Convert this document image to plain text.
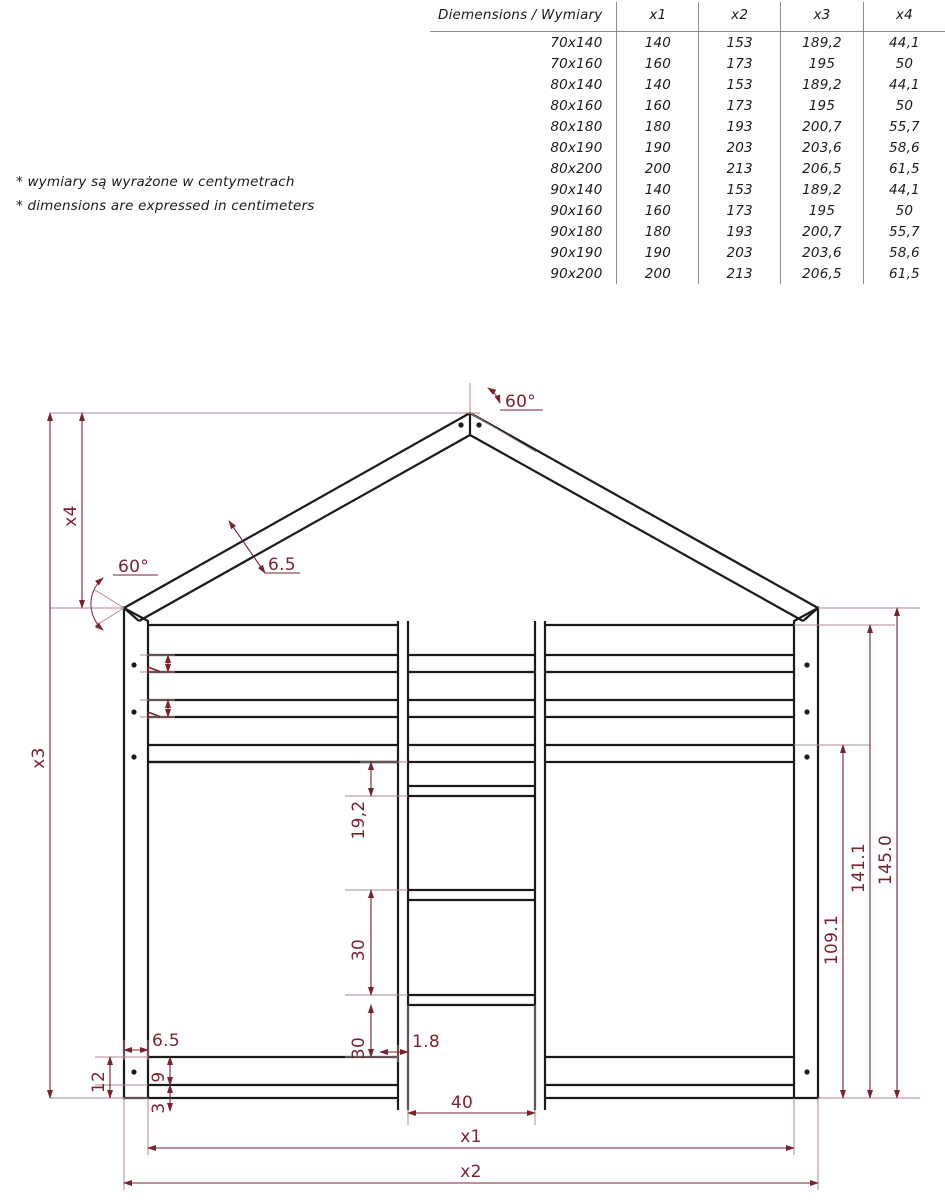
Diemensions / Wymiary	x1	x2	x3	x4
70x140	140	153	189,2	44,1
70x160	160	173	195	50
80x140	140	153	189,2	44,1
80x160	160	173	195	50
80x180	180	193	200,7	55,7
80x190	190	203	203,6	58,6
80x200	200	213	206,5	61,5
90x140	140	153	189,2	44,1
90x160	160	173	195	50
90x180	180	193	200,7	55,7
90x190	190	203	203,6	58,6
90x200	200	213	206,5	61,5
* wymiary są wyrażone w centymetrach
* dimensions are expressed in centimeters
60°
60°	6.5
x4
x3
7
7
19,2
30
30	1.8
40
6.5
12 9
3
109.1
141.1 145.0
x1
x2
